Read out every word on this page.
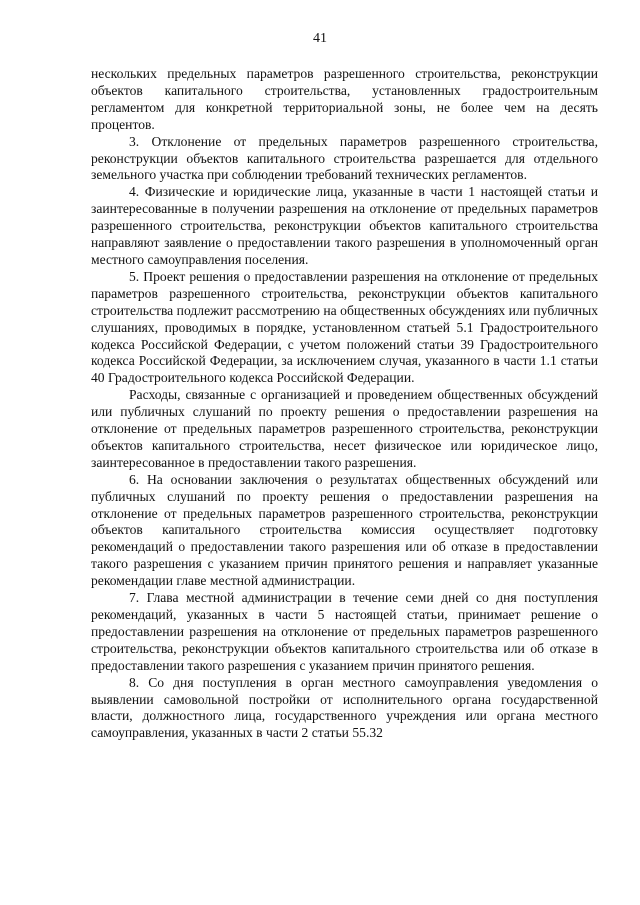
41

нескольких предельных параметров разрешенного строительства, реконструкции объектов капитального строительства, установленных градостроительным регламентом для конкретной территориальной зоны, не более чем на десять процентов.

3. Отклонение от предельных параметров разрешенного строительства, реконструкции объектов капитального строительства разрешается для отдельного земельного участка при соблюдении требований технических регламентов.

4. Физические и юридические лица, указанные в части 1 настоящей статьи и заинтересованные в получении разрешения на отклонение от предельных параметров разрешенного строительства, реконструкции объектов капитального строительства направляют заявление о предоставлении такого разрешения в уполномоченный орган местного самоуправления поселения.

5. Проект решения о предоставлении разрешения на отклонение от предельных параметров разрешенного строительства, реконструкции объектов капитального строительства подлежит рассмотрению на общественных обсуждениях или публичных слушаниях, проводимых в порядке, установленном статьей 5.1 Градостроительного кодекса Российской Федерации, с учетом положений статьи 39 Градостроительного кодекса Российской Федерации, за исключением случая, указанного в части 1.1 статьи 40 Градостроительного кодекса Российской Федерации.

Расходы, связанные с организацией и проведением общественных обсуждений или публичных слушаний по проекту решения о предоставлении разрешения на отклонение от предельных параметров разрешенного строительства, реконструкции объектов капитального строительства, несет физическое или юридическое лицо, заинтересованное в предоставлении такого разрешения.

6. На основании заключения о результатах общественных обсуждений или публичных слушаний по проекту решения о предоставлении разрешения на отклонение от предельных параметров разрешенного строительства, реконструкции объектов капитального строительства комиссия осуществляет подготовку рекомендаций о предоставлении такого разрешения или об отказе в предоставлении такого разрешения с указанием причин принятого решения и направляет указанные рекомендации главе местной администрации.

7. Глава местной администрации в течение семи дней со дня поступления рекомендаций, указанных в части 5 настоящей статьи, принимает решение о предоставлении разрешения на отклонение от предельных параметров разрешенного строительства, реконструкции объектов капитального строительства или об отказе в предоставлении такого разрешения с указанием причин принятого решения.

8. Со дня поступления в орган местного самоуправления уведомления о выявлении самовольной постройки от исполнительного органа государственной власти, должностного лица, государственного учреждения или органа местного самоуправления, указанных в части 2 статьи 55.32
